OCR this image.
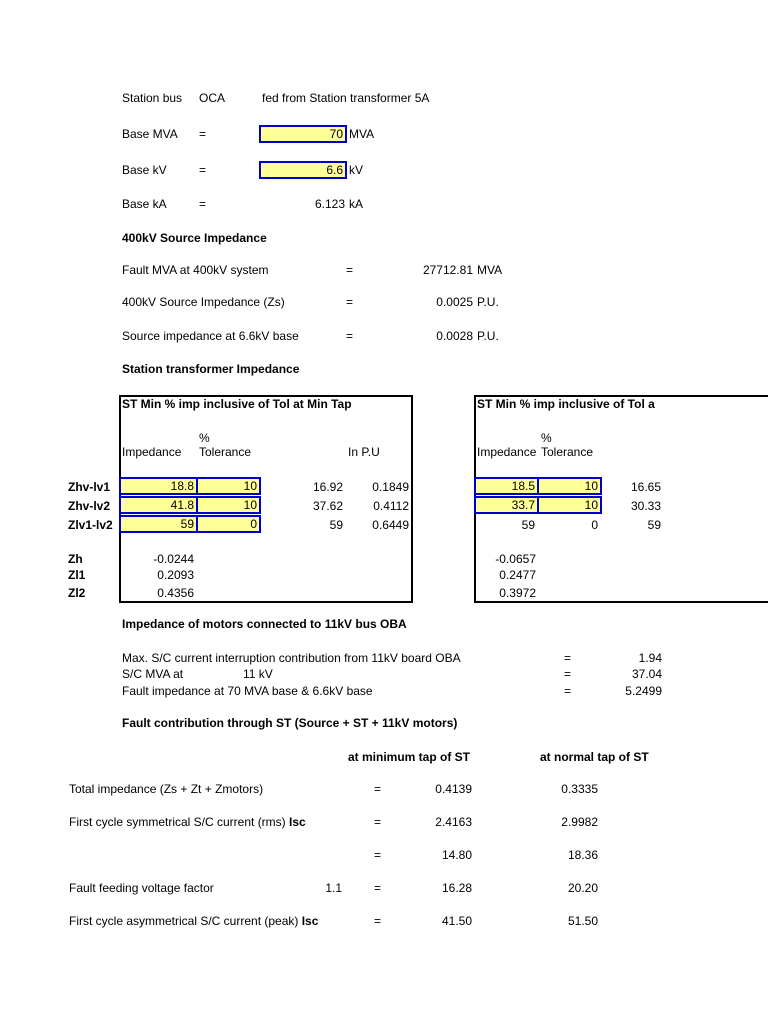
Station bus OCA	fed from Station transformer 5A
Base MVA =	70 MVA
Base kV	=	6.6 kV
Base kA	=	6.123 kA
400kV Source Impedance
Fault MVA at 400kV system	=	27712.81 MVA
400kV Source Impedance (Zs)	=	0.0025 P.U.
Source impedance at 6.6kV base	=	0.0028 P.U.
Station transformer Impedance
ST Min % imp inclusive of Tol at Min Tap
%
Impedance Tolerance	In P.U
Zhv-lv1	18.8	10	16.92	0.1849
Zhv-lv2	41.8	10	37.62	0.4112
Zlv1-lv2	59	0	59	0.6449
Zh	-0.0244
Zl1	0.2093
Zl2	0.4356
ST Min % imp inclusive of Tol a
%
Impedance Tolerance
18.5	10	16.65
33.7	10	30.33
59	0	59
-0.0657
0.2477
0.3972
Impedance of motors connected to 11kV bus OBA
Max. S/C current interruption contribution from 11kV board OBA	=	1.94
S/C MVA at	11 kV	=	37.04
Fault impedance at 70 MVA base & 6.6kV base	=	5.2499
Fault contribution through ST (Source + ST + 11kV motors)
at minimum tap of ST	at normal tap of ST
Total impedance (Zs + Zt + Zmotors)	=	0.4139	0.3335
First cycle symmetrical S/C current (rms) Isc	=	2.4163	2.9982
=	14.80	18.36
Fault feeding voltage factor	1.1	=	16.28	20.20
First cycle asymmetrical S/C current (peak) Isc	=	41.50	51.50
